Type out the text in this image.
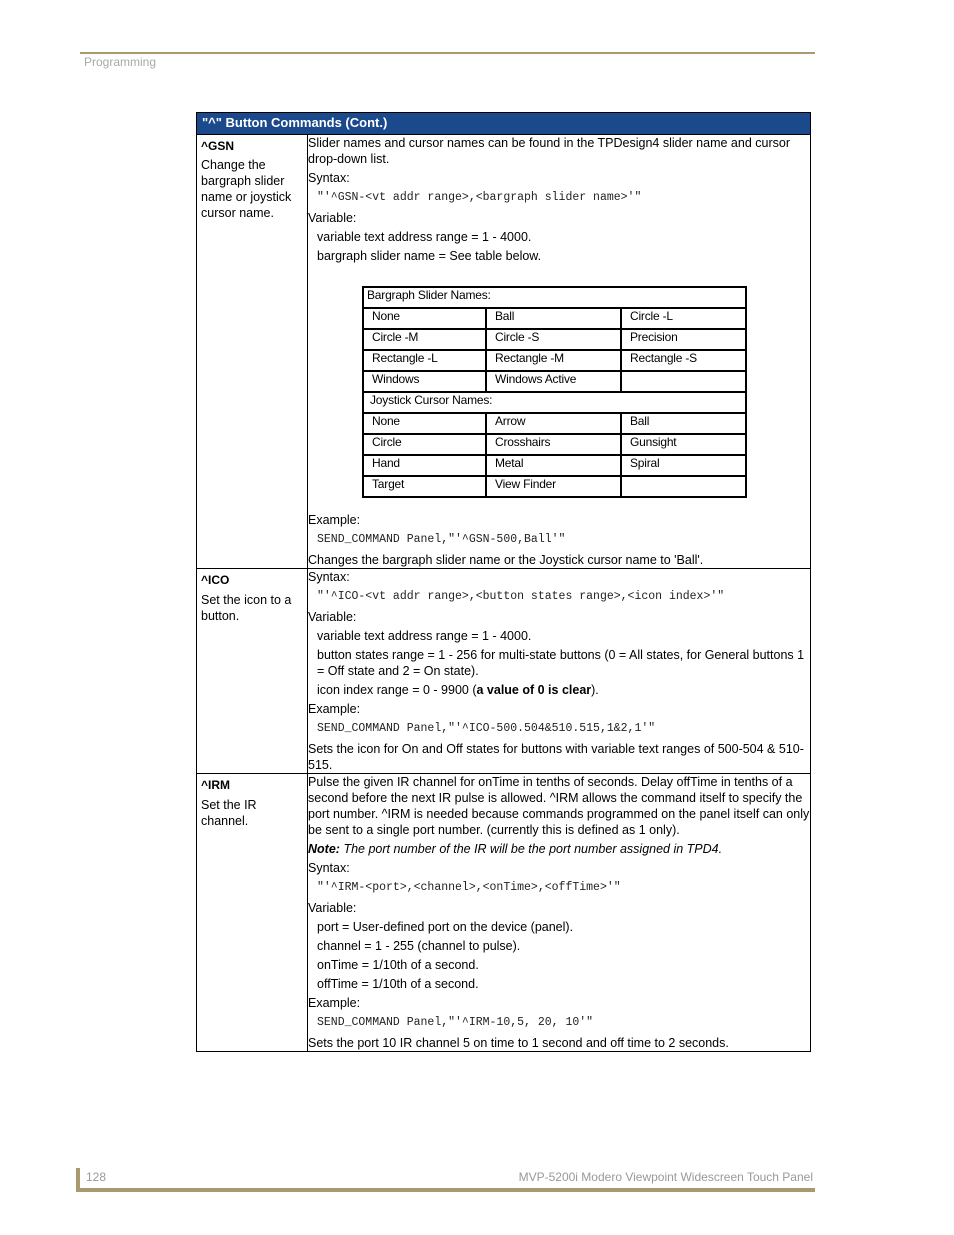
Programming
"^" Button Commands (Cont.)

^GSN
Change the bargraph slider name or joystick cursor name.

Slider names and cursor names can be found in the TPDesign4 slider name and cursor drop-down list.

Syntax:

"'^GSN-<vt addr range>,<bargraph slider name>'"

Variable:

variable text address range = 1 - 4000.

bargraph slider name = See table below.

Bargraph Slider Names:
None	Ball	Circle -L
Circle -M	Circle -S	Precision
Rectangle -L	Rectangle -M	Rectangle -S
Windows	Windows Active	
Joystick Cursor Names:
None	Arrow	Ball
Circle	Crosshairs	Gunsight
Hand	Metal	Spiral
Target	View Finder	

Example:

SEND_COMMAND Panel,"'^GSN-500,Ball'"

Changes the bargraph slider name or the Joystick cursor name to 'Ball'.

^ICO
Set the icon to a button.

Syntax:

"'^ICO-<vt addr range>,<button states range>,<icon index>'"

Variable:

variable text address range = 1 - 4000.

button states range = 1 - 256 for multi-state buttons (0 = All states, for General buttons 1 = Off state and 2 = On state).

icon index range = 0 - 9900 (a value of 0 is clear).

Example:

SEND_COMMAND Panel,"'^ICO-500.504&510.515,1&2,1'"

Sets the icon for On and Off states for buttons with variable text ranges of 500-504 & 510-515.

^IRM
Set the IR channel.

Pulse the given IR channel for onTime in tenths of seconds. Delay offTime in tenths of a second before the next IR pulse is allowed. ^IRM allows the command itself to specify the port number. ^IRM is needed because commands programmed on the panel itself can only be sent to a single port number. (currently this is defined as 1 only).

Note: The port number of the IR will be the port number assigned in TPD4.

Syntax:

"'^IRM-<port>,<channel>,<onTime>,<offTime>'"

Variable:

port = User-defined port on the device (panel).

channel = 1 - 255 (channel to pulse).

onTime = 1/10th of a second.

offTime = 1/10th of a second.

Example:

SEND_COMMAND Panel,"'^IRM-10,5, 20, 10'"

Sets the port 10 IR channel 5 on time to 1 second and off time to 2 seconds.

128	MVP-5200i Modero Viewpoint Widescreen Touch Panel
